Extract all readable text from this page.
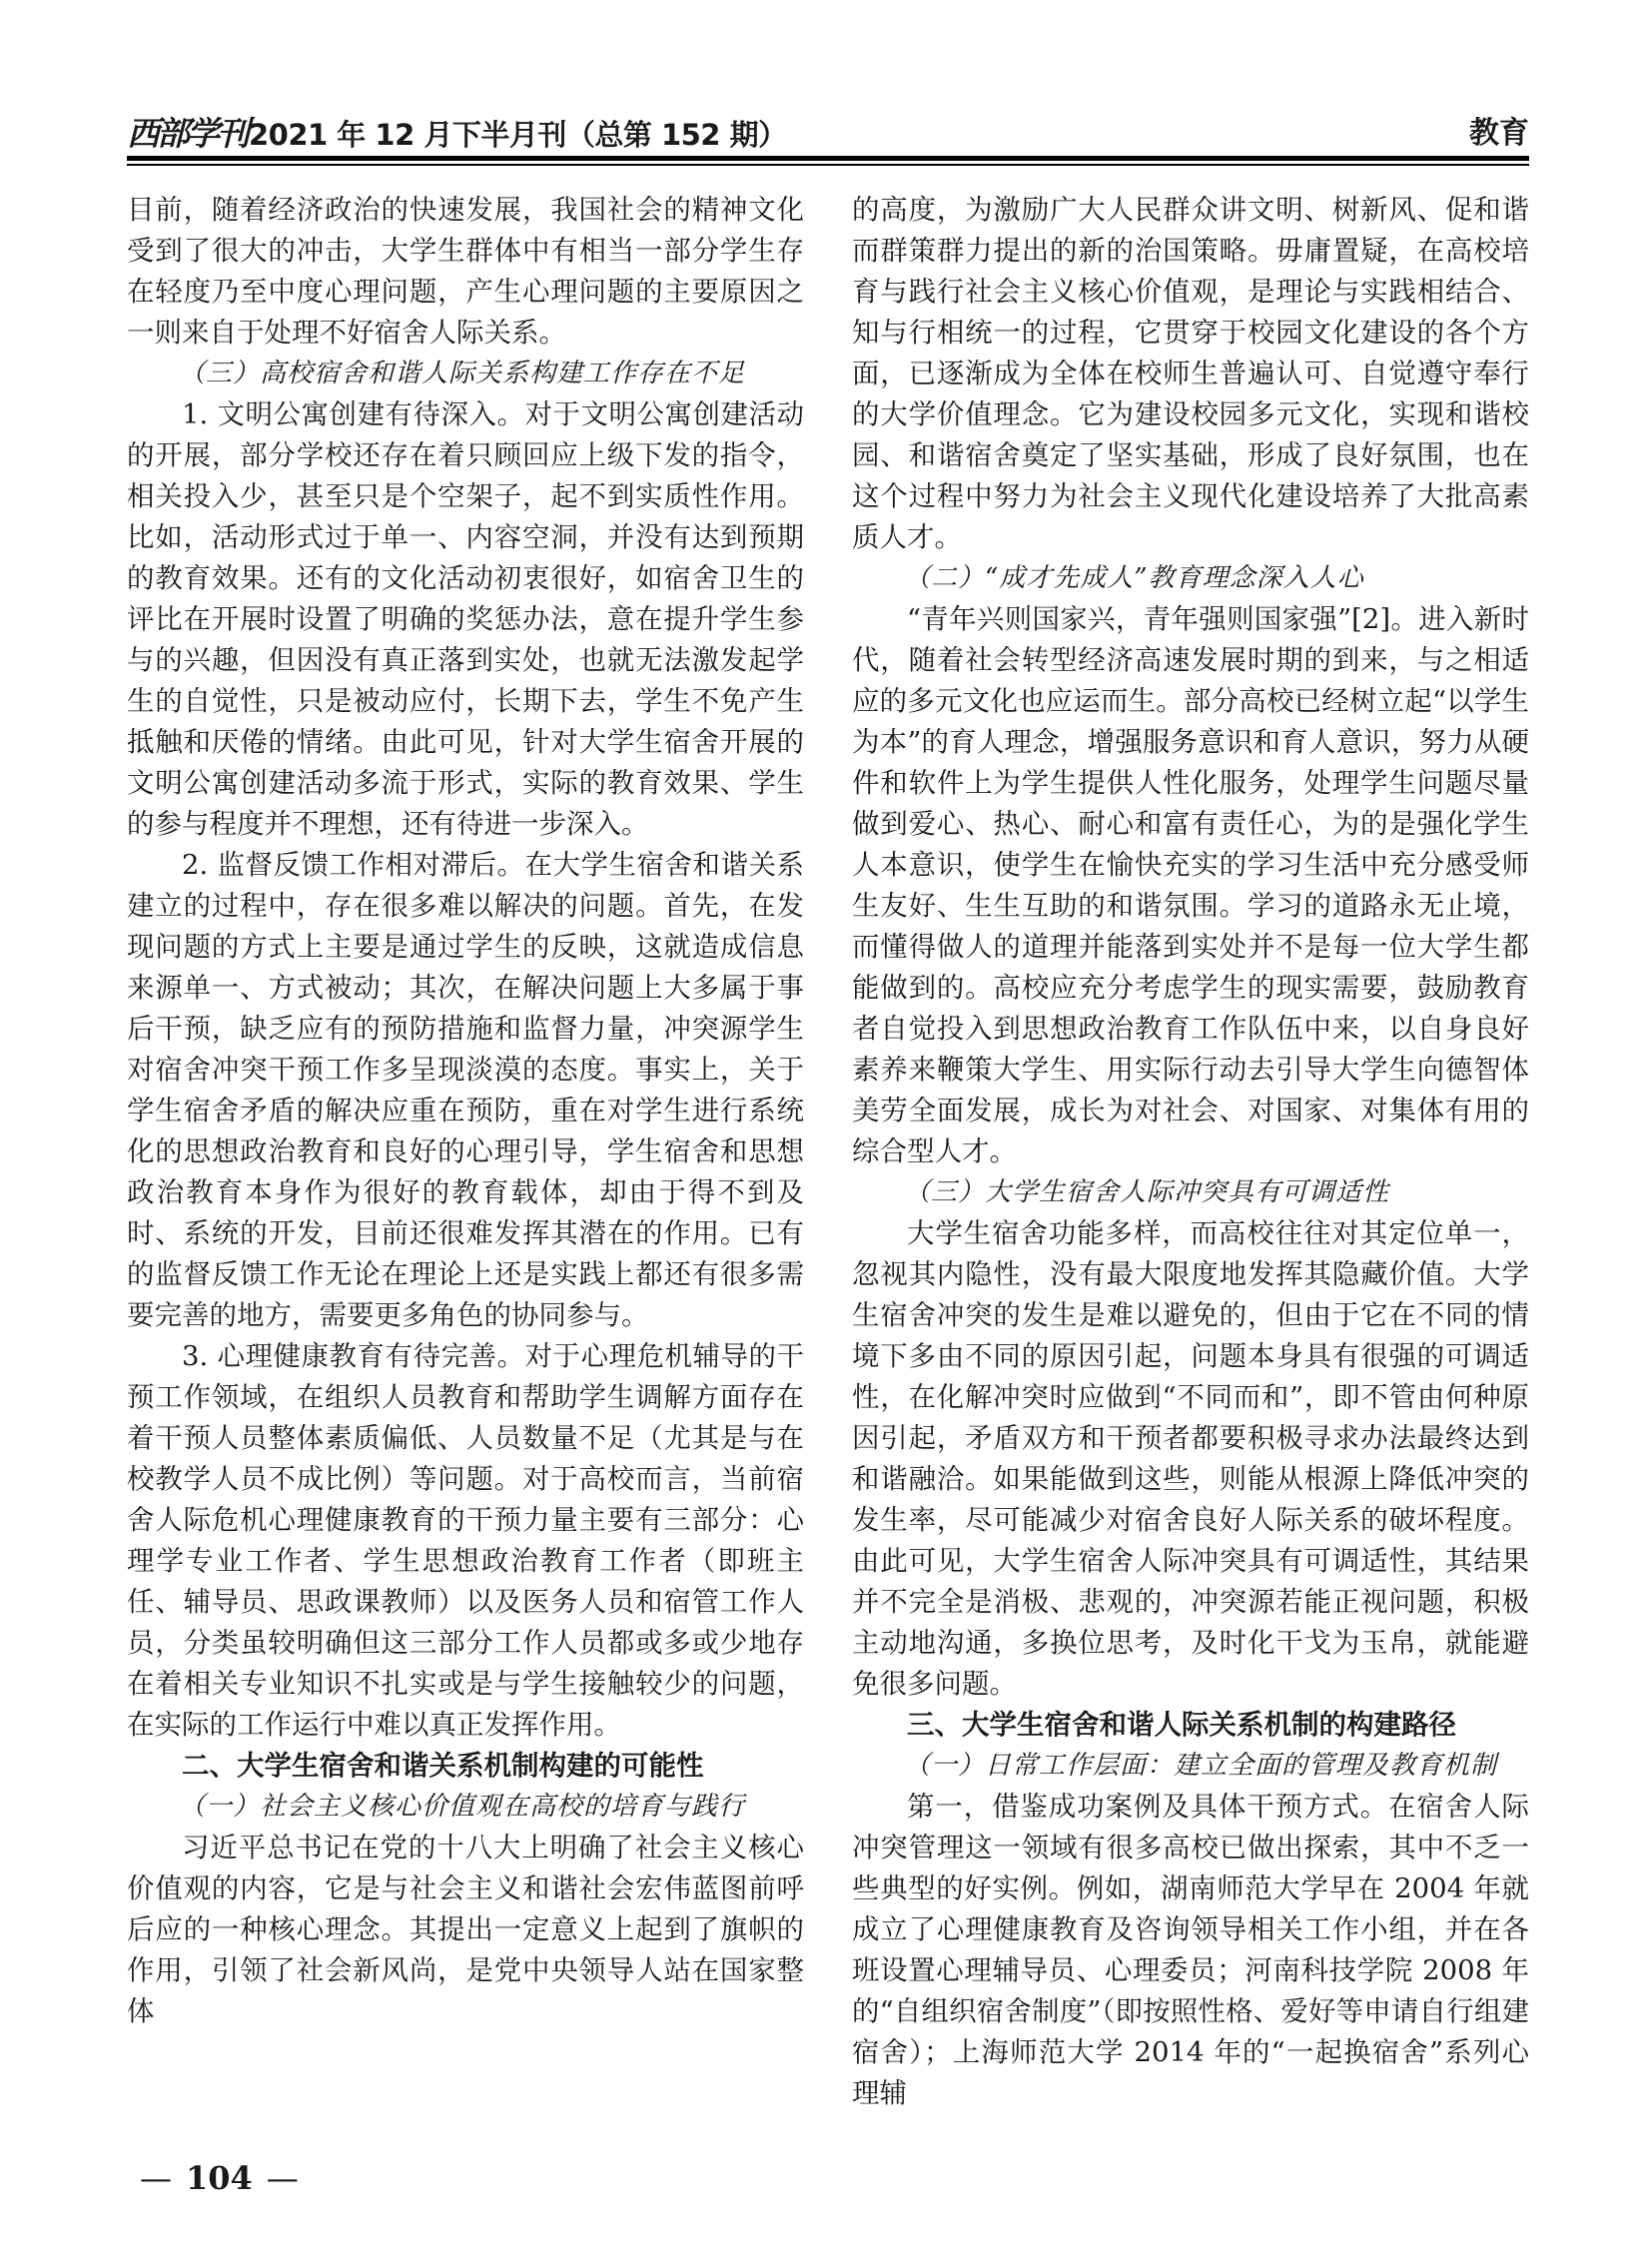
西部学刊2021 年 12 月下半月刊（总第 152 期）	教育

目前，随着经济政治的快速发展，我国社会的精神文化受到了很大的冲击，大学生群体中有相当一部分学生存在轻度乃至中度心理问题，产生心理问题的主要原因之一则来自于处理不好宿舍人际关系。

（三）高校宿舍和谐人际关系构建工作存在不足

1. 文明公寓创建有待深入。对于文明公寓创建活动的开展，部分学校还存在着只顾回应上级下发的指令，相关投入少，甚至只是个空架子，起不到实质性作用。比如，活动形式过于单一、内容空洞，并没有达到预期的教育效果。还有的文化活动初衷很好，如宿舍卫生的评比在开展时设置了明确的奖惩办法，意在提升学生参与的兴趣，但因没有真正落到实处，也就无法激发起学生的自觉性，只是被动应付，长期下去，学生不免产生抵触和厌倦的情绪。由此可见，针对大学生宿舍开展的文明公寓创建活动多流于形式，实际的教育效果、学生的参与程度并不理想，还有待进一步深入。

2. 监督反馈工作相对滞后。在大学生宿舍和谐关系建立的过程中，存在很多难以解决的问题。首先，在发现问题的方式上主要是通过学生的反映，这就造成信息来源单一、方式被动；其次，在解决问题上大多属于事后干预，缺乏应有的预防措施和监督力量，冲突源学生对宿舍冲突干预工作多呈现淡漠的态度。事实上，关于学生宿舍矛盾的解决应重在预防，重在对学生进行系统化的思想政治教育和良好的心理引导，学生宿舍和思想政治教育本身作为很好的教育载体，却由于得不到及时、系统的开发，目前还很难发挥其潜在的作用。已有的监督反馈工作无论在理论上还是实践上都还有很多需要完善的地方，需要更多角色的协同参与。

3. 心理健康教育有待完善。对于心理危机辅导的干预工作领域，在组织人员教育和帮助学生调解方面存在着干预人员整体素质偏低、人员数量不足（尤其是与在校教学人员不成比例）等问题。对于高校而言，当前宿舍人际危机心理健康教育的干预力量主要有三部分：心理学专业工作者、学生思想政治教育工作者（即班主任、辅导员、思政课教师）以及医务人员和宿管工作人员，分类虽较明确但这三部分工作人员都或多或少地存在着相关专业知识不扎实或是与学生接触较少的问题，在实际的工作运行中难以真正发挥作用。

二、大学生宿舍和谐关系机制构建的可能性
（一）社会主义核心价值观在高校的培育与践行

习近平总书记在党的十八大上明确了社会主义核心价值观的内容，它是与社会主义和谐社会宏伟蓝图前呼后应的一种核心理念。其提出一定意义上起到了旗帜的作用，引领了社会新风尚，是党中央领导人站在国家整体

的高度，为激励广大人民群众讲文明、树新风、促和谐而群策群力提出的新的治国策略。毋庸置疑，在高校培育与践行社会主义核心价值观，是理论与实践相结合、知与行相统一的过程，它贯穿于校园文化建设的各个方面，已逐渐成为全体在校师生普遍认可、自觉遵守奉行的大学价值理念。它为建设校园多元文化，实现和谐校园、和谐宿舍奠定了坚实基础，形成了良好氛围，也在这个过程中努力为社会主义现代化建设培养了大批高素质人才。

（二）“成才先成人”教育理念深入人心

“青年兴则国家兴，青年强则国家强”[2]。进入新时代，随着社会转型经济高速发展时期的到来，与之相适应的多元文化也应运而生。部分高校已经树立起“以学生为本”的育人理念，增强服务意识和育人意识，努力从硬件和软件上为学生提供人性化服务，处理学生问题尽量做到爱心、热心、耐心和富有责任心，为的是强化学生人本意识，使学生在愉快充实的学习生活中充分感受师生友好、生生互助的和谐氛围。学习的道路永无止境，而懂得做人的道理并能落到实处并不是每一位大学生都能做到的。高校应充分考虑学生的现实需要，鼓励教育者自觉投入到思想政治教育工作队伍中来，以自身良好素养来鞭策大学生、用实际行动去引导大学生向德智体美劳全面发展，成长为对社会、对国家、对集体有用的综合型人才。

（三）大学生宿舍人际冲突具有可调适性

大学生宿舍功能多样，而高校往往对其定位单一，忽视其内隐性，没有最大限度地发挥其隐藏价值。大学生宿舍冲突的发生是难以避免的，但由于它在不同的情境下多由不同的原因引起，问题本身具有很强的可调适性，在化解冲突时应做到“不同而和”，即不管由何种原因引起，矛盾双方和干预者都要积极寻求办法最终达到和谐融洽。如果能做到这些，则能从根源上降低冲突的发生率，尽可能减少对宿舍良好人际关系的破坏程度。由此可见，大学生宿舍人际冲突具有可调适性，其结果并不完全是消极、悲观的，冲突源若能正视问题，积极主动地沟通，多换位思考，及时化干戈为玉帛，就能避免很多问题。

三、大学生宿舍和谐人际关系机制的构建路径
（一）日常工作层面：建立全面的管理及教育机制

第一，借鉴成功案例及具体干预方式。在宿舍人际冲突管理这一领域有很多高校已做出探索，其中不乏一些典型的好实例。例如，湖南师范大学早在 2004 年就成立了心理健康教育及咨询领导相关工作小组，并在各班设置心理辅导员、心理委员；河南科技学院 2008 年的“自组织宿舍制度”（即按照性格、爱好等申请自行组建宿舍）；上海师范大学 2014 年的“一起换宿舍”系列心理辅

— 104 —
